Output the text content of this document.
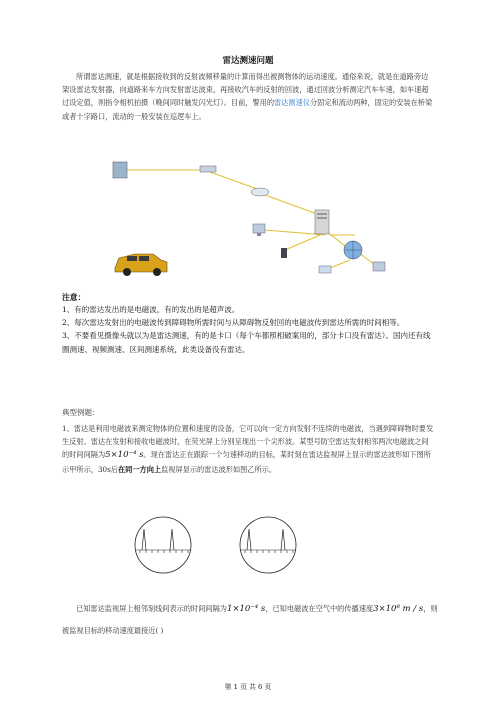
雷达测速问题
所谓雷达测速，就是根据接收到的反射波频移量的计算而得出被测物体的运动速度。通俗来说，就是在道路旁边架设雷达发射器，向道路来车方向发射雷达波束，再接收汽车的反射的回波，通过回波分析测定汽车车速，如车速超过设定值，则指令相机拍摄（晚间同时触发闪光灯）。目前，警用的雷达测速仪分固定和流动两种，固定的安装在桥梁或者十字路口，流动的一般安装在巡逻车上。
注意：

1、有的雷达发出的是电磁波，有的发出的是超声波。

2、每次雷达发射出的电磁波传到障碍物所需时间与从障碍物反射回的电磁波传到雷达所需的时间相等。

3、不要看见摄像头就以为是雷达测速，有的是卡口（每个车都照相破案用的，部分卡口没有雷达）。国内还有线圈测速、视频测速、区间测速系统，此类设备没有雷达。

典型例题：

1、雷达是利用电磁波来测定物体的位置和速度的设备，它可以向一定方向发射不连续的电磁波，当遇到障碍物时要发生反射。雷达在发射和接收电磁波时，在荧光屏上分别呈现出一个尖形波。某型号防空雷达发射相邻两次电磁波之间的时间间隔为5×10⁻⁴ s。现在雷达正在跟踪一个匀速移动的目标，某时刻在雷达监视屏上显示的雷达波形如下图所示甲所示，30s后在同一方向上监视屏显示的雷达波形如图乙所示。

已知雷达监视屏上相邻刻线间表示的时间间隔为1×10⁻⁴ s，已知电磁波在空气中的传播速度3×10⁸ m / s，则被监视目标的移动速度最接近( )

第 1 页 共 6 页
